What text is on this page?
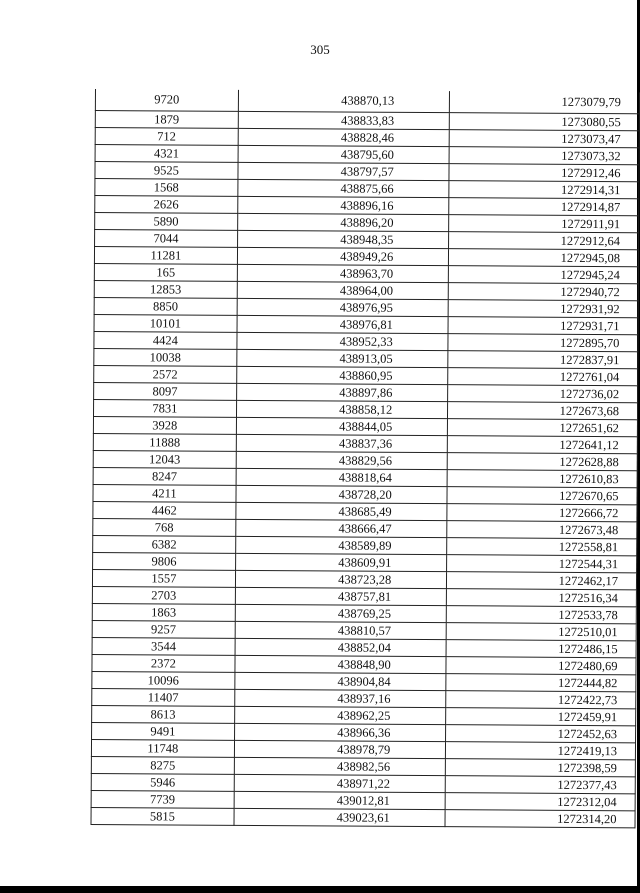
305
9720	438870,13	1273079,79
1879	438833,83	1273080,55
712	438828,46	1273073,47
4321	438795,60	1273073,32
9525	438797,57	1272912,46
1568	438875,66	1272914,31
2626	438896,16	1272914,87
5890	438896,20	1272911,91
7044	438948,35	1272912,64
11281	438949,26	1272945,08
165	438963,70	1272945,24
12853	438964,00	1272940,72
8850	438976,95	1272931,92
10101	438976,81	1272931,71
4424	438952,33	1272895,70
10038	438913,05	1272837,91
2572	438860,95	1272761,04
8097	438897,86	1272736,02
7831	438858,12	1272673,68
3928	438844,05	1272651,62
11888	438837,36	1272641,12
12043	438829,56	1272628,88
8247	438818,64	1272610,83
4211	438728,20	1272670,65
4462	438685,49	1272666,72
768	438666,47	1272673,48
6382	438589,89	1272558,81
9806	438609,91	1272544,31
1557	438723,28	1272462,17
2703	438757,81	1272516,34
1863	438769,25	1272533,78
9257	438810,57	1272510,01
3544	438852,04	1272486,15
2372	438848,90	1272480,69
10096	438904,84	1272444,82
11407	438937,16	1272422,73
8613	438962,25	1272459,91
9491	438966,36	1272452,63
11748	438978,79	1272419,13
8275	438982,56	1272398,59
5946	438971,22	1272377,43
7739	439012,81	1272312,04
5815	439023,61	1272314,20
